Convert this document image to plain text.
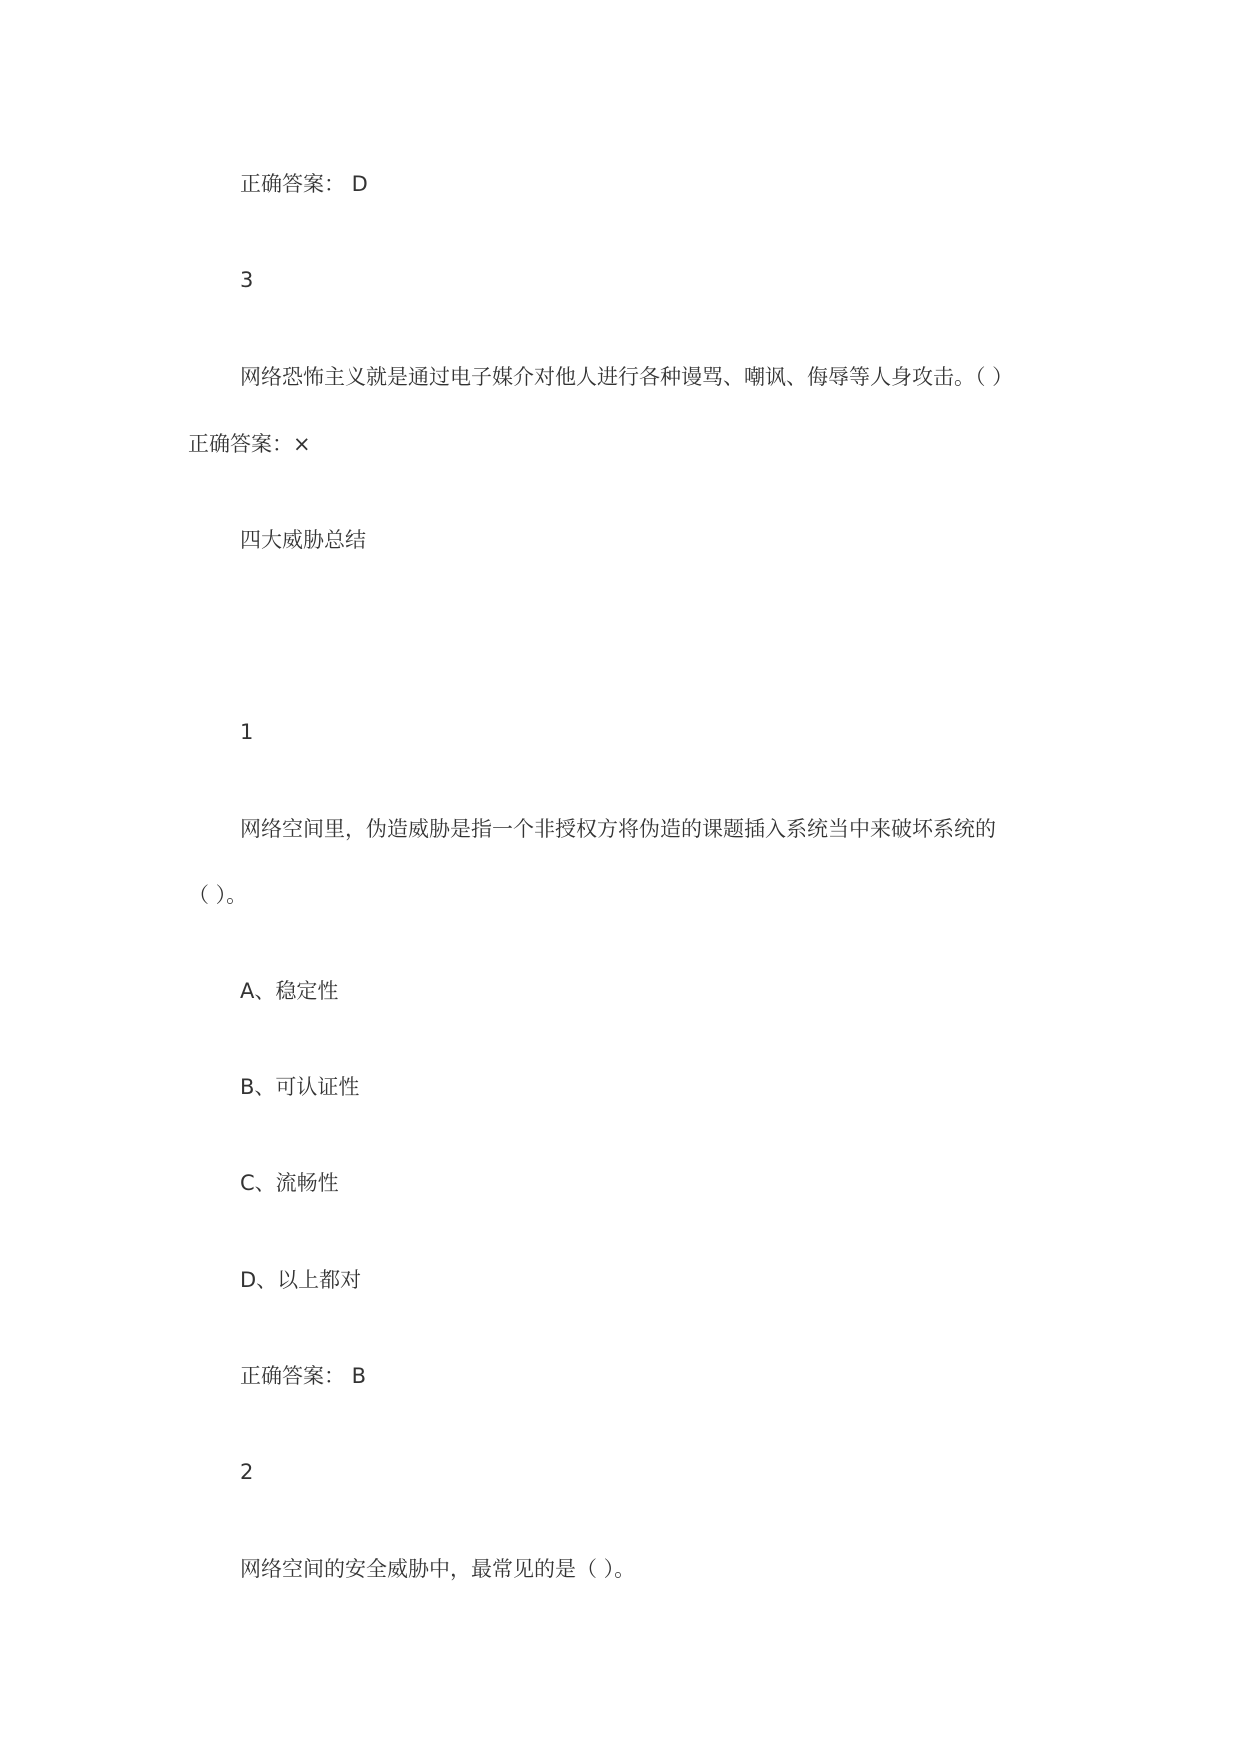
正确答案： D
3
网络恐怖主义就是通过电子媒介对他人进行各种谩骂、嘲讽、侮辱等人身攻击。（ ）
正确答案：×
四大威胁总结
1
网络空间里，伪造威胁是指一个非授权方将伪造的课题插入系统当中来破坏系统的
（ ）。
A、稳定性
B、可认证性
C、流畅性
D、以上都对
正确答案： B
2
网络空间的安全威胁中，最常见的是（ ）。
